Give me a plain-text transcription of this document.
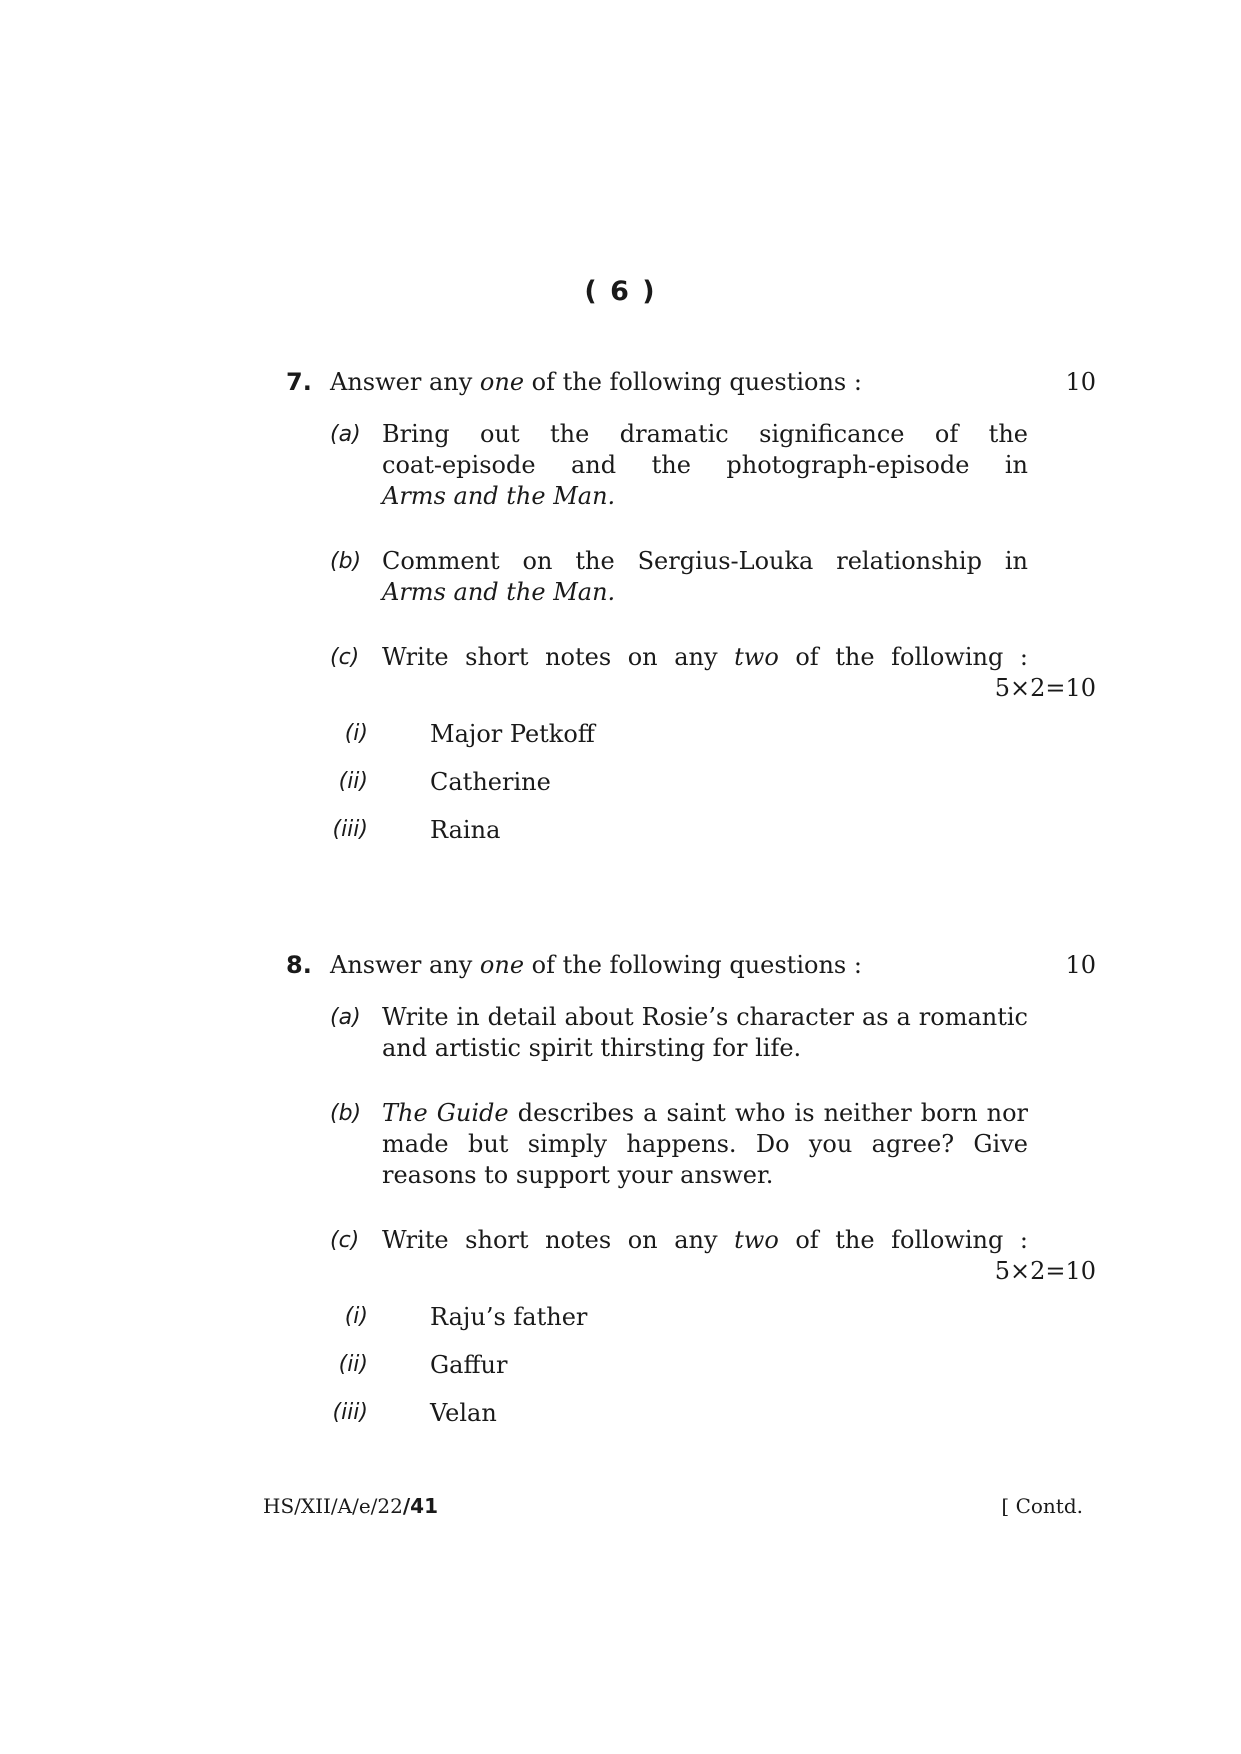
( 6 )
7. Answer any one of the following questions :	10
(a) Bring out the dramatic significance of the
coat-episode and the photograph-episode in
Arms and the Man.
(b) Comment on the Sergius-Louka relationship in
Arms and the Man.
(c) Write short notes on any two of the following :
5×2=10
(i)	Major Petkoff
(ii)	Catherine
(iii)	Raina
8. Answer any one of the following questions :	10
(a) Write in detail about Rosie’s character as a romantic
and artistic spirit thirsting for life.
(b) The Guide describes a saint who is neither born nor
made but simply happens. Do you agree? Give
reasons to support your answer.
(c) Write short notes on any two of the following :
5×2=10
(i)	Raju’s father
(ii)	Gaffur
(iii)	Velan
HS/XII/A/e/22/41	[ Contd.
